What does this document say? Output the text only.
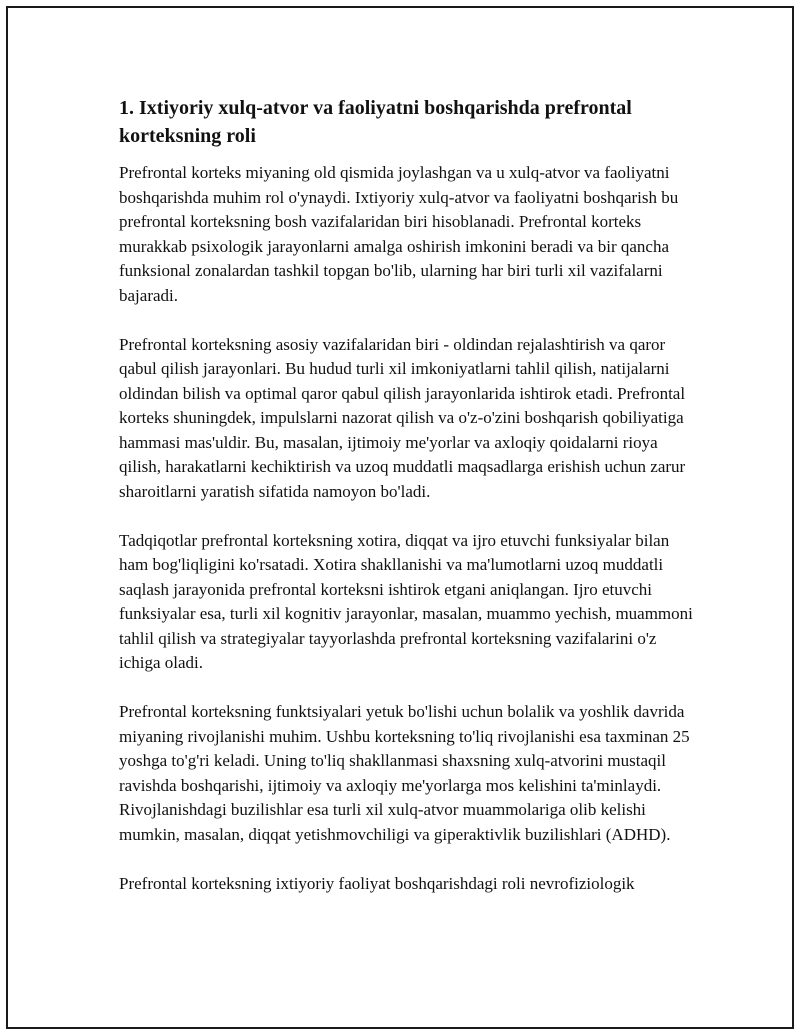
1. Ixtiyoriy xulq-atvor va faoliyatni boshqarishda prefrontal korteksning roli

Prefrontal korteks miyaning old qismida joylashgan va u xulq-atvor va faoliyatni boshqarishda muhim rol o'ynaydi. Ixtiyoriy xulq-atvor va faoliyatni boshqarish bu prefrontal korteksning bosh vazifalaridan biri hisoblanadi. Prefrontal korteks murakkab psixologik jarayonlarni amalga oshirish imkonini beradi va bir qancha funksional zonalardan tashkil topgan bo'lib, ularning har biri turli xil vazifalarni bajaradi.

Prefrontal korteksning asosiy vazifalaridan biri - oldindan rejalashtirish va qaror qabul qilish jarayonlari. Bu hudud turli xil imkoniyatlarni tahlil qilish, natijalarni oldindan bilish va optimal qaror qabul qilish jarayonlarida ishtirok etadi. Prefrontal korteks shuningdek, impulslarni nazorat qilish va o'z-o'zini boshqarish qobiliyatiga hammasi mas'uldir. Bu, masalan, ijtimoiy me'yorlar va axloqiy qoidalarni rioya qilish, harakatlarni kechiktirish va uzoq muddatli maqsadlarga erishish uchun zarur sharoitlarni yaratish sifatida namoyon bo'ladi.

Tadqiqotlar prefrontal korteksning xotira, diqqat va ijro etuvchi funksiyalar bilan ham bog'liqligini ko'rsatadi. Xotira shakllanishi va ma'lumotlarni uzoq muddatli saqlash jarayonida prefrontal korteksni ishtirok etgani aniqlangan. Ijro etuvchi funksiyalar esa, turli xil kognitiv jarayonlar, masalan, muammo yechish, muammoni tahlil qilish va strategiyalar tayyorlashda prefrontal korteksning vazifalarini o'z ichiga oladi.

Prefrontal korteksning funktsiyalari yetuk bo'lishi uchun bolalik va yoshlik davrida miyaning rivojlanishi muhim. Ushbu korteksning to'liq rivojlanishi esa taxminan 25 yoshga to'g'ri keladi. Uning to'liq shakllanmasi shaxsning xulq-atvorini mustaqil ravishda boshqarishi, ijtimoiy va axloqiy me'yorlarga mos kelishini ta'minlaydi. Rivojlanishdagi buzilishlar esa turli xil xulq-atvor muammolariga olib kelishi mumkin, masalan, diqqat yetishmovchiligi va giperaktivlik buzilishlari (ADHD).

Prefrontal korteksning ixtiyoriy faoliyat boshqarishdagi roli nevrofiziologik
